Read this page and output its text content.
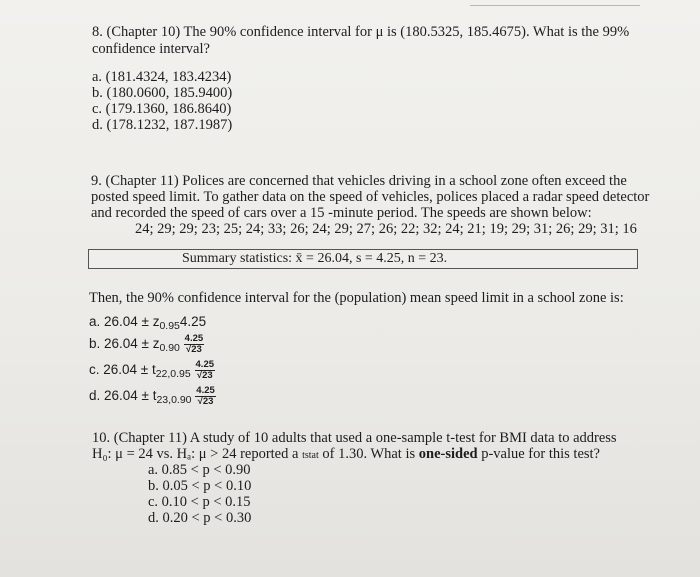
8. (Chapter 10) The 90% confidence interval for μ is (180.5325, 185.4675). What is the 99%
confidence interval?
a. (181.4324, 183.4234)
b. (180.0600, 185.9400)
c. (179.1360, 186.8640)
d. (178.1232, 187.1987)
9. (Chapter 11) Polices are concerned that vehicles driving in a school zone often exceed the
posted speed limit. To gather data on the speed of vehicles, polices placed a radar speed detector
and recorded the speed of cars over a 15 -minute period. The speeds are shown below:
24; 29; 29; 23; 25; 24; 33; 26; 24; 29; 27; 26; 22; 32; 24; 21; 19; 29; 31; 26; 29; 31; 16
Summary statistics: x̄ = 26.04, s = 4.25, n = 23.
Then, the 90% confidence interval for the (population) mean speed limit in a school zone is:
a. $26.04 \pm z_{0.95}4.25$
b. $26.04 \pm z_{0.90} \frac{4.25}{√23}$
c. $26.04 \pm t_{22,0.95} \frac{4.25}{√23}$
d. $26.04 \pm t_{23,0.90} \frac{4.25}{√23}$
10. (Chapter 11) A study of 10 adults that used a one-sample t-test for BMI data to address
H₀: μ = 24 vs. Hₐ: μ > 24 reported a tstat of 1.30. What is one-sided p-value for this test?
a. 0.85 < p < 0.90
b. 0.05 < p < 0.10
c. 0.10 < p < 0.15
d. 0.20 < p < 0.30
